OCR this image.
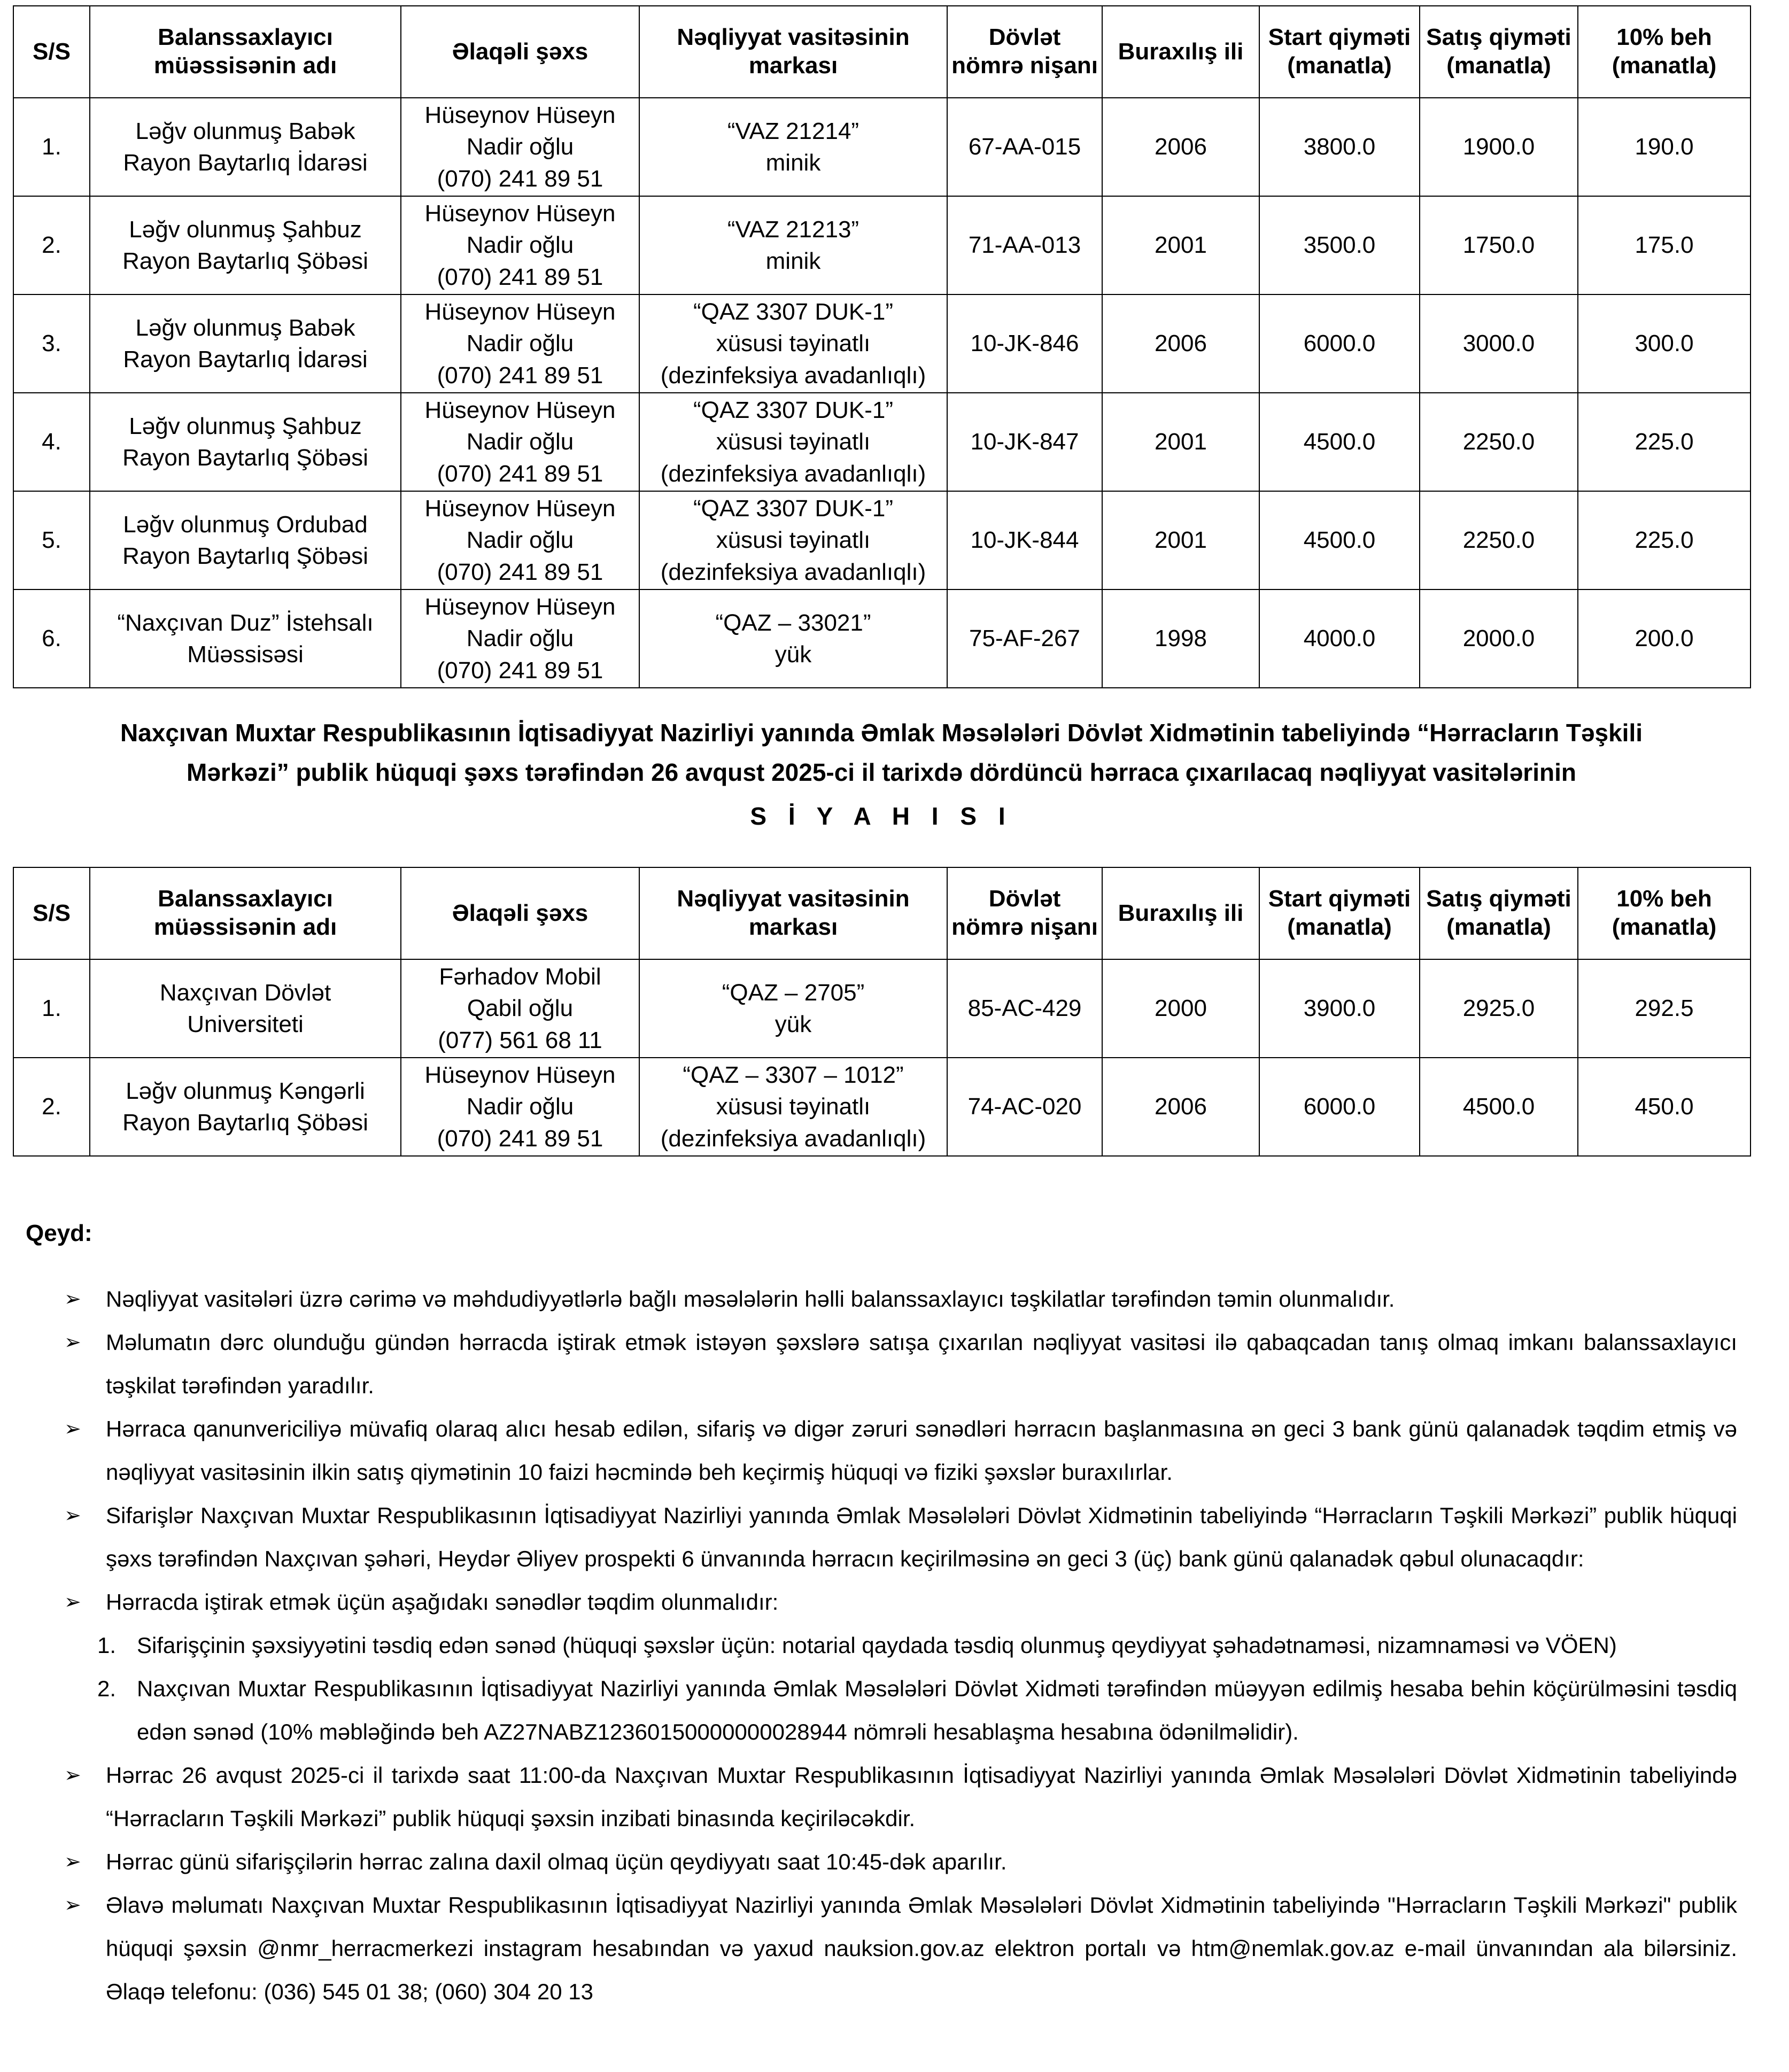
S/S	Balanssaxlayıcı müəssisənin adı	Əlaqəli şəxs	Nəqliyyat vasitəsinin markası	Dövlət nömrə nişanı	Buraxılış ili	Start qiymәti (manatla)	Satış qiymәti (manatla)	10% beh (manatla)
1.	Ləğv olunmuş Babək
Rayon Baytarlıq İdarəsi	Hüseynov Hüseyn
Nadir oğlu
(070) 241 89 51	“VAZ 21214”
minik	67-AA-015	2006	3800.0	1900.0	190.0
2.	Ləğv olunmuş Şahbuz
Rayon Baytarlıq Şöbəsi	Hüseynov Hüseyn
Nadir oğlu
(070) 241 89 51	“VAZ 21213”
minik	71-AA-013	2001	3500.0	1750.0	175.0
3.	Ləğv olunmuş Babək
Rayon Baytarlıq İdarəsi	Hüseynov Hüseyn
Nadir oğlu
(070) 241 89 51	“QAZ 3307 DUK-1”
xüsusi təyinatlı
(dezinfeksiya avadanlıqlı)	10-JK-846	2006	6000.0	3000.0	300.0
4.	Ləğv olunmuş Şahbuz
Rayon Baytarlıq Şöbəsi	Hüseynov Hüseyn
Nadir oğlu
(070) 241 89 51	“QAZ 3307 DUK-1”
xüsusi təyinatlı
(dezinfeksiya avadanlıqlı)	10-JK-847	2001	4500.0	2250.0	225.0
5.	Ləğv olunmuş Ordubad
Rayon Baytarlıq Şöbəsi	Hüseynov Hüseyn
Nadir oğlu
(070) 241 89 51	“QAZ 3307 DUK-1”
xüsusi təyinatlı
(dezinfeksiya avadanlıqlı)	10-JK-844	2001	4500.0	2250.0	225.0
6.	“Naxçıvan Duz” İstehsalı
Müəssisəsi	Hüseynov Hüseyn
Nadir oğlu
(070) 241 89 51	“QAZ – 33021”
yük	75-AF-267	1998	4000.0	2000.0	200.0
Naxçıvan Muxtar Respublikasının İqtisadiyyat Nazirliyi yanında Əmlak Məsələləri Dövlət Xidmətinin tabeliyində “Hərracların Təşkili
Mərkəzi” publik hüquqi şəxs tərəfindən 26 avqust 2025-ci il tarixdə dördüncü hərraca çıxarılacaq nəqliyyat vasitələrinin
S İ Y A H I S I
S/S	Balanssaxlayıcı müəssisənin adı	Əlaqəli şəxs	Nəqliyyat vasitəsinin markası	Dövlət nömrə nişanı	Buraxılış ili	Start qiymәti (manatla)	Satış qiymәti (manatla)	10% beh (manatla)
1.	Naxçıvan Dövlət
Universiteti	Fərhadov Mobil
Qabil oğlu
(077) 561 68 11	“QAZ – 2705”
yük	85-AC-429	2000	3900.0	2925.0	292.5
2.	Ləğv olunmuş Kəngərli
Rayon Baytarlıq Şöbəsi	Hüseynov Hüseyn
Nadir oğlu
(070) 241 89 51	“QAZ – 3307 – 1012”
xüsusi təyinatlı
(dezinfeksiya avadanlıqlı)	74-AC-020	2006	6000.0	4500.0	450.0
Qeyd:
➢ Nəqliyyat vasitələri üzrə cərimə və məhdudiyyətlərlə bağlı məsələlərin həlli balanssaxlayıcı təşkilatlar tərəfindən təmin olunmalıdır.
➢ Məlumatın dərc olunduğu gündən hərracda iştirak etmək istəyən şəxslərə satışa çıxarılan nəqliyyat vasitəsi ilə qabaqcadan tanış olmaq imkanı balanssaxlayıcı təşkilat tərəfindən yaradılır.
➢ Hərraca qanunvericiliyə müvafiq olaraq alıcı hesab edilən, sifariş və digər zəruri sənədləri hərracın başlanmasına ən geci 3 bank günü qalanadək təqdim etmiş və nəqliyyat vasitəsinin ilkin satış qiymətinin 10 faizi həcmində beh keçirmiş hüquqi və fiziki şəxslər buraxılırlar.
➢ Sifarişlər Naxçıvan Muxtar Respublikasının İqtisadiyyat Nazirliyi yanında Əmlak Məsələləri Dövlət Xidmətinin tabeliyində “Hərracların Təşkili Mərkəzi” publik hüquqi şəxs tərəfindən Naxçıvan şəhəri, Heydər Əliyev prospekti 6 ünvanında hərracın keçirilməsinə ən geci 3 (üç) bank günü qalanadək qəbul olunacaqdır:
➢ Hərracda iştirak etmək üçün aşağıdakı sənədlər təqdim olunmalıdır:
1. Sifarişçinin şəxsiyyətini təsdiq edən sənəd (hüquqi şəxslər üçün: notarial qaydada təsdiq olunmuş qeydiyyat şəhadətnaməsi, nizamnaməsi və VÖEN)
2. Naxçıvan Muxtar Respublikasının İqtisadiyyat Nazirliyi yanında Əmlak Məsələləri Dövlət Xidməti tərəfindən müəyyən edilmiş hesaba behin köçürülməsini təsdiq edən sənəd (10% məbləğində beh AZ27NABZ12360150000000028944 nömrəli hesablaşma hesabına ödənilməlidir).
➢ Hərrac 26 avqust 2025-ci il tarixdə saat 11:00-da Naxçıvan Muxtar Respublikasının İqtisadiyyat Nazirliyi yanında Əmlak Məsələləri Dövlət Xidmətinin tabeliyində “Hərracların Təşkili Mərkəzi” publik hüquqi şəxsin inzibati binasında keçiriləcəkdir.
➢ Hərrac günü sifarişçilərin hərrac zalına daxil olmaq üçün qeydiyyatı saat 10:45-dək aparılır.
➢ Əlavə məlumatı Naxçıvan Muxtar Respublikasının İqtisadiyyat Nazirliyi yanında Əmlak Məsələləri Dövlət Xidmətinin tabeliyində "Hərracların Təşkili Mərkəzi" publik hüquqi şəxsin @nmr_herracmerkezi instagram hesabından və yaxud nauksion.gov.az elektron portalı və htm@nemlak.gov.az e-mail ünvanından ala bilərsiniz. Əlaqə telefonu: (036) 545 01 38; (060) 304 20 13
